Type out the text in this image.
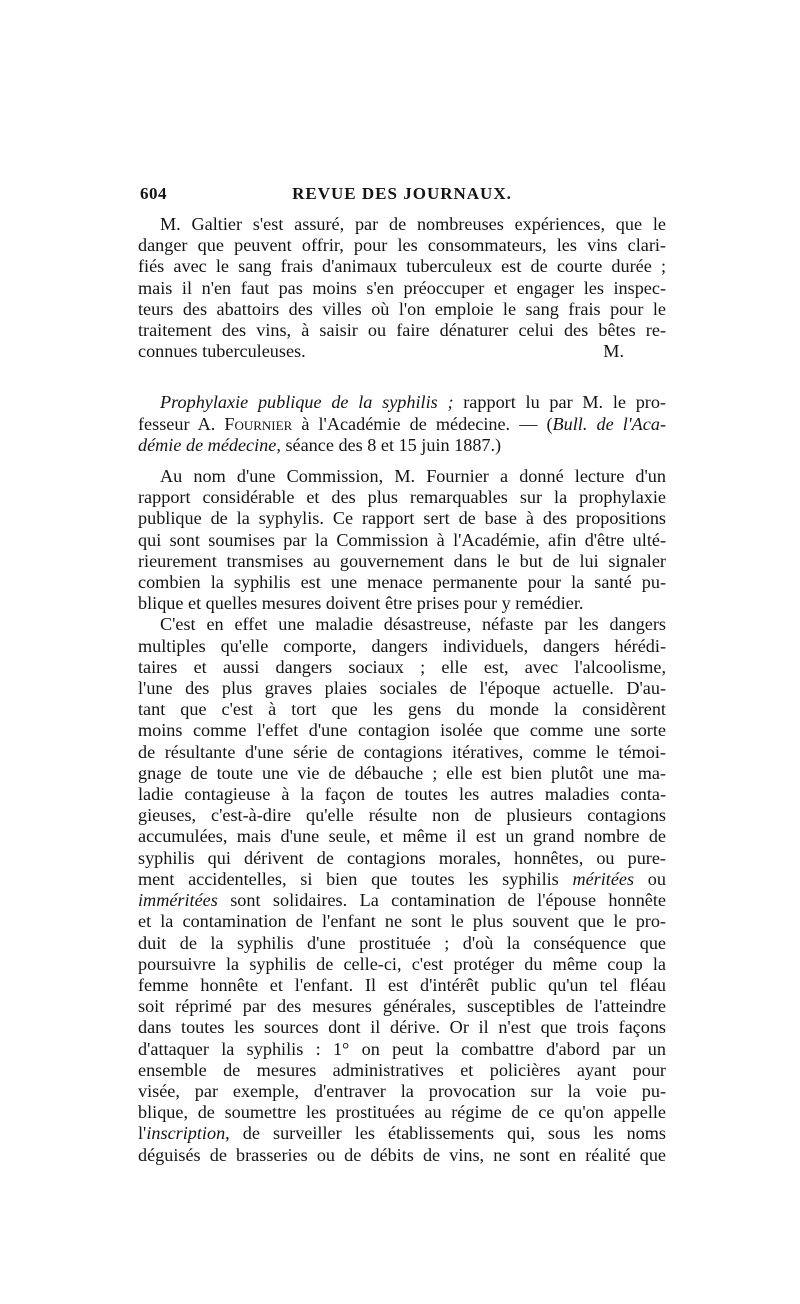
604	REVUE DES JOURNAUX.
M. Galtier s'est assuré, par de nombreuses expériences, que le
danger que peuvent offrir, pour les consommateurs, les vins clari-
fiés avec le sang frais d'animaux tuberculeux est de courte durée ;
mais il n'en faut pas moins s'en préoccuper et engager les inspec-
teurs des abattoirs des villes où l'on emploie le sang frais pour le
traitement des vins, à saisir ou faire dénaturer celui des bêtes re-
connues tuberculeuses.	M.
Prophylaxie publique de la syphilis ; rapport lu par M. le pro-
fesseur A. Fournier à l'Académie de médecine. — (Bull. de l'Aca-
démie de médecine, séance des 8 et 15 juin 1887.)
Au nom d'une Commission, M. Fournier a donné lecture d'un
rapport considérable et des plus remarquables sur la prophylaxie
publique de la syphylis. Ce rapport sert de base à des propositions
qui sont soumises par la Commission à l'Académie, afin d'être ulté-
rieurement transmises au gouvernement dans le but de lui signaler
combien la syphilis est une menace permanente pour la santé pu-
blique et quelles mesures doivent être prises pour y remédier.
C'est en effet une maladie désastreuse, néfaste par les dangers
multiples qu'elle comporte, dangers individuels, dangers hérédi-
taires et aussi dangers sociaux ; elle est, avec l'alcoolisme,
l'une des plus graves plaies sociales de l'époque actuelle. D'au-
tant que c'est à tort que les gens du monde la considèrent
moins comme l'effet d'une contagion isolée que comme une sorte
de résultante d'une série de contagions itératives, comme le témoi-
gnage de toute une vie de débauche ; elle est bien plutôt une ma-
ladie contagieuse à la façon de toutes les autres maladies conta-
gieuses, c'est-à-dire qu'elle résulte non de plusieurs contagions
accumulées, mais d'une seule, et même il est un grand nombre de
syphilis qui dérivent de contagions morales, honnêtes, ou pure-
ment accidentelles, si bien que toutes les syphilis méritées ou
imméritées sont solidaires. La contamination de l'épouse honnête
et la contamination de l'enfant ne sont le plus souvent que le pro-
duit de la syphilis d'une prostituée ; d'où la conséquence que
poursuivre la syphilis de celle-ci, c'est protéger du même coup la
femme honnête et l'enfant. Il est d'intérêt public qu'un tel fléau
soit réprimé par des mesures générales, susceptibles de l'atteindre
dans toutes les sources dont il dérive. Or il n'est que trois façons
d'attaquer la syphilis : 1° on peut la combattre d'abord par un
ensemble de mesures administratives et policières ayant pour
visée, par exemple, d'entraver la provocation sur la voie pu-
blique, de soumettre les prostituées au régime de ce qu'on appelle
l'inscription, de surveiller les établissements qui, sous les noms
déguisés de brasseries ou de débits de vins, ne sont en réalité que
